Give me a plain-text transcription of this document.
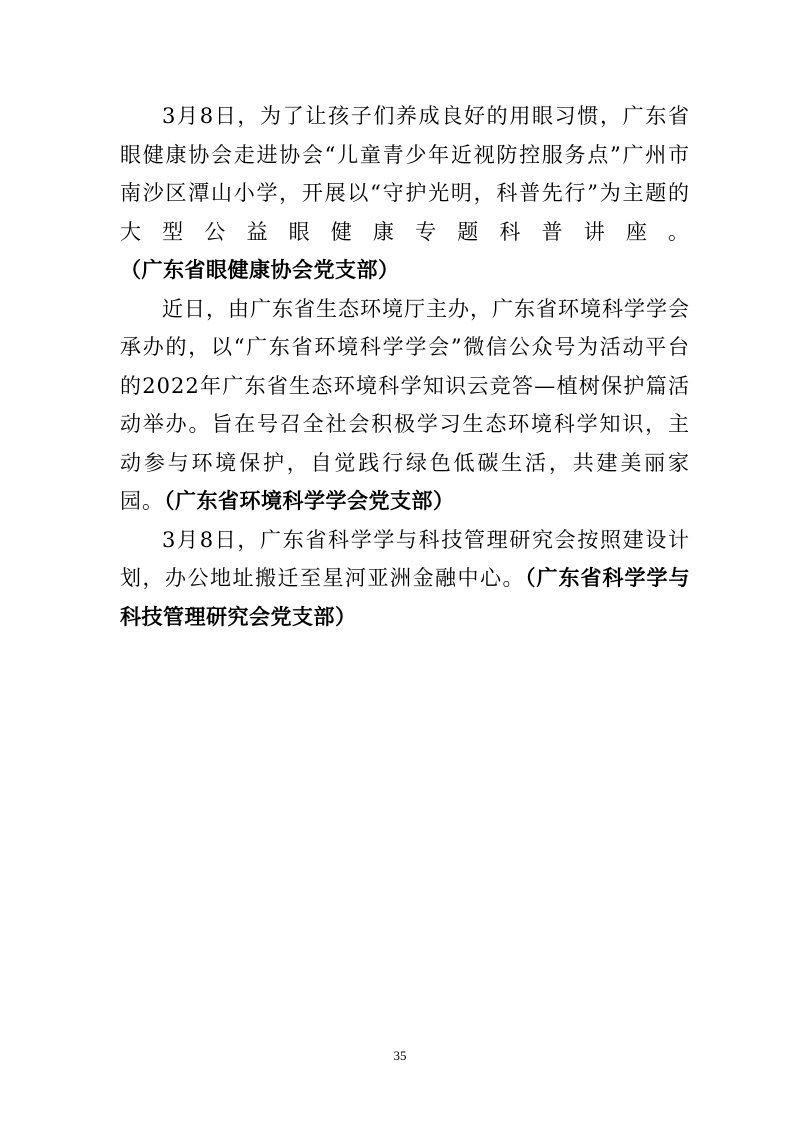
3月8日，为了让孩子们养成良好的用眼习惯，广东省眼健康协会走进协会“儿童青少年近视防控服务点”广州市南沙区潭山小学，开展以“守护光明，科普先行”为主题的大型公益眼健康专题科普讲座。（广东省眼健康协会党支部）

近日，由广东省生态环境厅主办，广东省环境科学学会承办的，以“广东省环境科学学会”微信公众号为活动平台的2022年广东省生态环境科学知识云竞答—植树保护篇活动举办。旨在号召全社会积极学习生态环境科学知识，主动参与环境保护，自觉践行绿色低碳生活，共建美丽家园。（广东省环境科学学会党支部）

3月8日，广东省科学学与科技管理研究会按照建设计划，办公地址搬迁至星河亚洲金融中心。（广东省科学学与科技管理研究会党支部）

35
